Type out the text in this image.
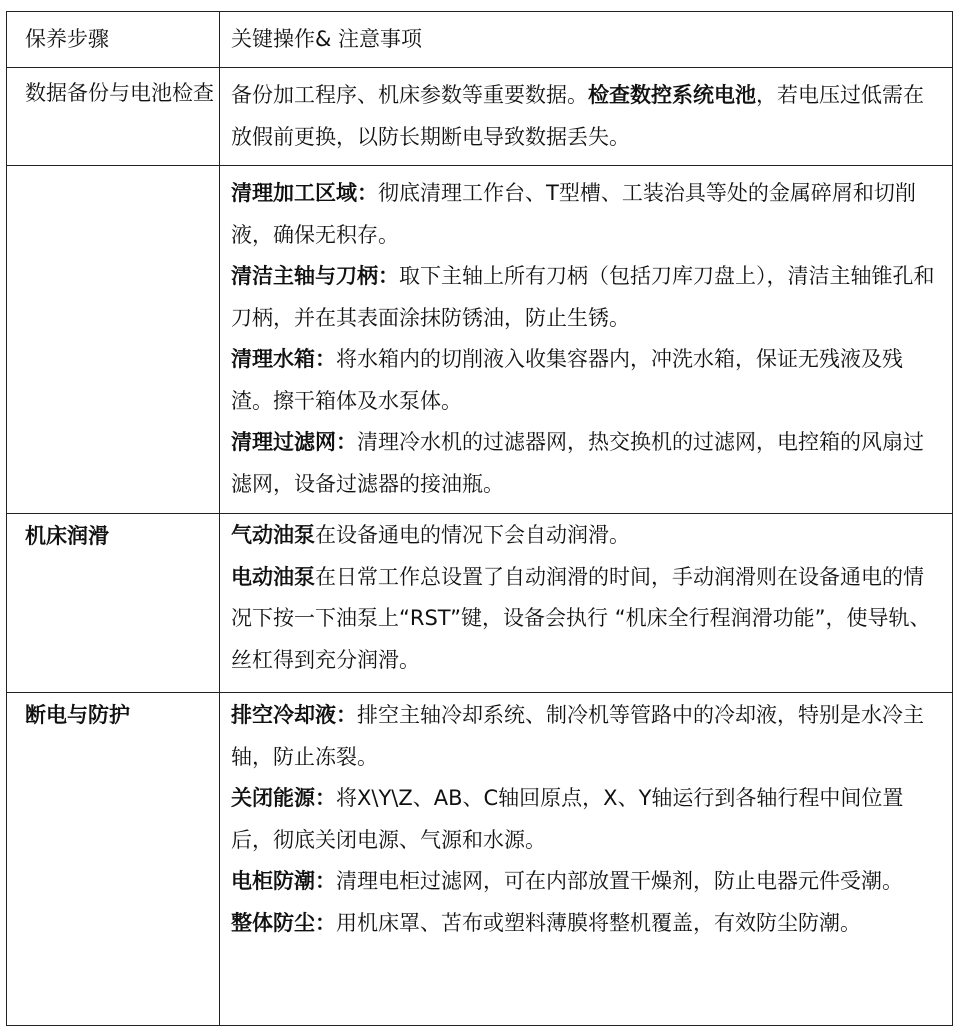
保养步骤	关键操作& 注意事项
数据备份与电池检查	备份加工程序、机床参数等重要数据。检查数控系统电池，若电压过低需在放假前更换，以防长期断电导致数据丢失。

	清理加工区域：彻底清理工作台、T型槽、工装治具等处的金属碎屑和切削液，确保无积存。
清洁主轴与刀柄：取下主轴上所有刀柄（包括刀库刀盘上），清洁主轴锥孔和刀柄，并在其表面涂抹防锈油，防止生锈。
清理水箱：将水箱内的切削液入收集容器内，冲洗水箱，保证无残液及残渣。擦干箱体及水泵体。
清理过滤网：清理冷水机的过滤器网，热交换机的过滤网，电控箱的风扇过滤网，设备过滤器的接油瓶。

机床润滑	气动油泵在设备通电的情况下会自动润滑。
电动油泵在日常工作总设置了自动润滑的时间，手动润滑则在设备通电的情况下按一下油泵上“RST”键，设备会执行 “机床全行程润滑功能”，使导轨、丝杠得到充分润滑。

断电与防护	排空冷却液：排空主轴冷却系统、制冷机等管路中的冷却液，特别是水冷主轴，防止冻裂。
关闭能源：将X\Y\Z、AB、C轴回原点，X、Y轴运行到各轴行程中间位置后，彻底关闭电源、气源和水源。
电柜防潮：清理电柜过滤网，可在内部放置干燥剂，防止电器元件受潮。
整体防尘：用机床罩、苫布或塑料薄膜将整机覆盖，有效防尘防潮。
